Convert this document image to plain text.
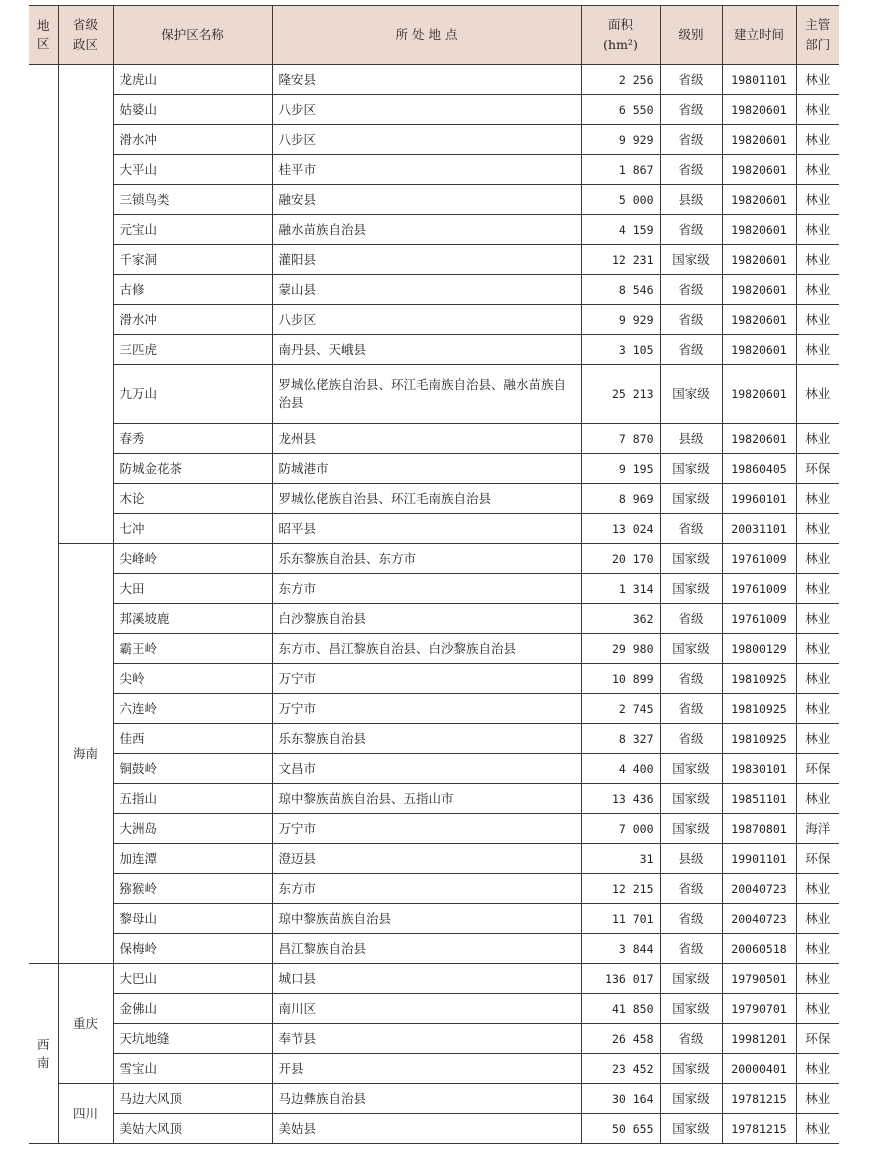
地区	省级政区	保护区名称	所 处 地 点	面积
(hm²)	级别	建立时间	主管部门
		龙虎山	隆安县	2 256	省级	19801101	林业
		姑婆山	八步区	6 550	省级	19820601	林业
		滑水冲	八步区	9 929	省级	19820601	林业
		大平山	桂平市	1 867	省级	19820601	林业
		三锁鸟类	融安县	5 000	县级	19820601	林业
		元宝山	融水苗族自治县	4 159	省级	19820601	林业
		千家洞	灌阳县	12 231	国家级	19820601	林业
		古修	蒙山县	8 546	省级	19820601	林业
		滑水冲	八步区	9 929	省级	19820601	林业
		三匹虎	南丹县、天峨县	3 105	省级	19820601	林业
		九万山	罗城仫佬族自治县、环江毛南族自治县、融水苗族自治县	25 213	国家级	19820601	林业
		春秀	龙州县	7 870	县级	19820601	林业
		防城金花茶	防城港市	9 195	国家级	19860405	环保
		木论	罗城仫佬族自治县、环江毛南族自治县	8 969	国家级	19960101	林业
		七冲	昭平县	13 024	省级	20031101	林业
	海南	尖峰岭	乐东黎族自治县、东方市	20 170	国家级	19761009	林业
		大田	东方市	1 314	国家级	19761009	林业
		邦溪坡鹿	白沙黎族自治县	362	省级	19761009	林业
		霸王岭	东方市、昌江黎族自治县、白沙黎族自治县	29 980	国家级	19800129	林业
		尖岭	万宁市	10 899	省级	19810925	林业
		六连岭	万宁市	2 745	省级	19810925	林业
		佳西	乐东黎族自治县	8 327	省级	19810925	林业
		铜鼓岭	文昌市	4 400	国家级	19830101	环保
		五指山	琼中黎族苗族自治县、五指山市	13 436	国家级	19851101	林业
		大洲岛	万宁市	7 000	国家级	19870801	海洋
		加连潭	澄迈县	31	县级	19901101	环保
		猕猴岭	东方市	12 215	省级	20040723	林业
		黎母山	琼中黎族苗族自治县	11 701	省级	20040723	林业
		保梅岭	昌江黎族自治县	3 844	省级	20060518	林业
西南	重庆	大巴山	城口县	136 017	国家级	19790501	林业
		金佛山	南川区	41 850	国家级	19790701	林业
		天坑地缝	奉节县	26 458	省级	19981201	环保
		雪宝山	开县	23 452	国家级	20000401	林业
	四川	马边大风顶	马边彝族自治县	30 164	国家级	19781215	林业
		美姑大风顶	美姑县	50 655	国家级	19781215	林业
